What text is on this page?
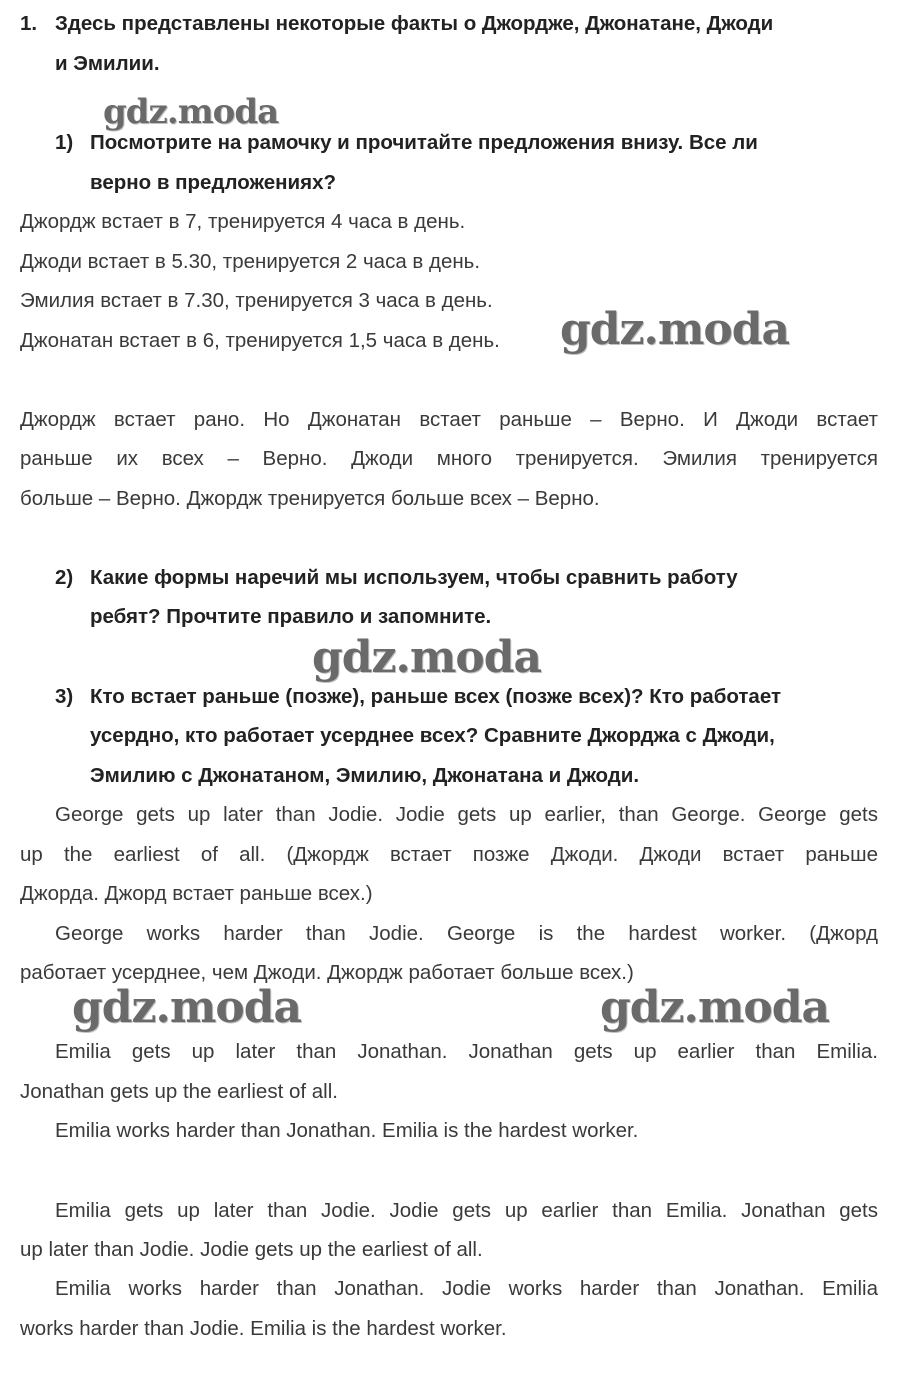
1. Здесь представлены некоторые факты о Джордже, Джонатане, Джоди
и Эмилии.
gdz.moda
1) Посмотрите на рамочку и прочитайте предложения внизу. Все ли
верно в предложениях?
Джордж встает в 7, тренируется 4 часа в день.
Джоди встает в 5.30, тренируется 2 часа в день.
Эмилия встает в 7.30, тренируется 3 часа в день.
Джонатан встает в 6, тренируется 1,5 часа в день.	gdz.moda
Джордж встает рано. Но Джонатан встает раньше – Верно. И Джоди встает
раньше их всех – Верно. Джоди много тренируется. Эмилия тренируется
больше – Верно. Джордж тренируется больше всех – Верно.
2) Какие формы наречий мы используем, чтобы сравнить работу
ребят? Прочтите правило и запомните.
gdz.moda
3) Кто встает раньше (позже), раньше всех (позже всех)? Кто работает
усердно, кто работает усерднее всех? Сравните Джорджа с Джоди,
Эмилию с Джонатаном, Эмилию, Джонатана и Джоди.
George gets up later than Jodie. Jodie gets up earlier, than George. George gets
up the earliest of all. (Джордж встает позже Джоди. Джоди встает раньше
Джорда. Джорд встает раньше всех.)
George works harder than Jodie. George is the hardest worker. (Джорд
работает усерднее, чем Джоди. Джордж работает больше всех.)
gdz.moda	gdz.moda
Emilia gets up later than Jonathan. Jonathan gets up earlier than Emilia.
Jonathan gets up the earliest of all.
Emilia works harder than Jonathan. Emilia is the hardest worker.
Emilia gets up later than Jodie. Jodie gets up earlier than Emilia. Jonathan gets
up later than Jodie. Jodie gets up the earliest of all.
Emilia works harder than Jonathan. Jodie works harder than Jonathan. Emilia
works harder than Jodie. Emilia is the hardest worker.
